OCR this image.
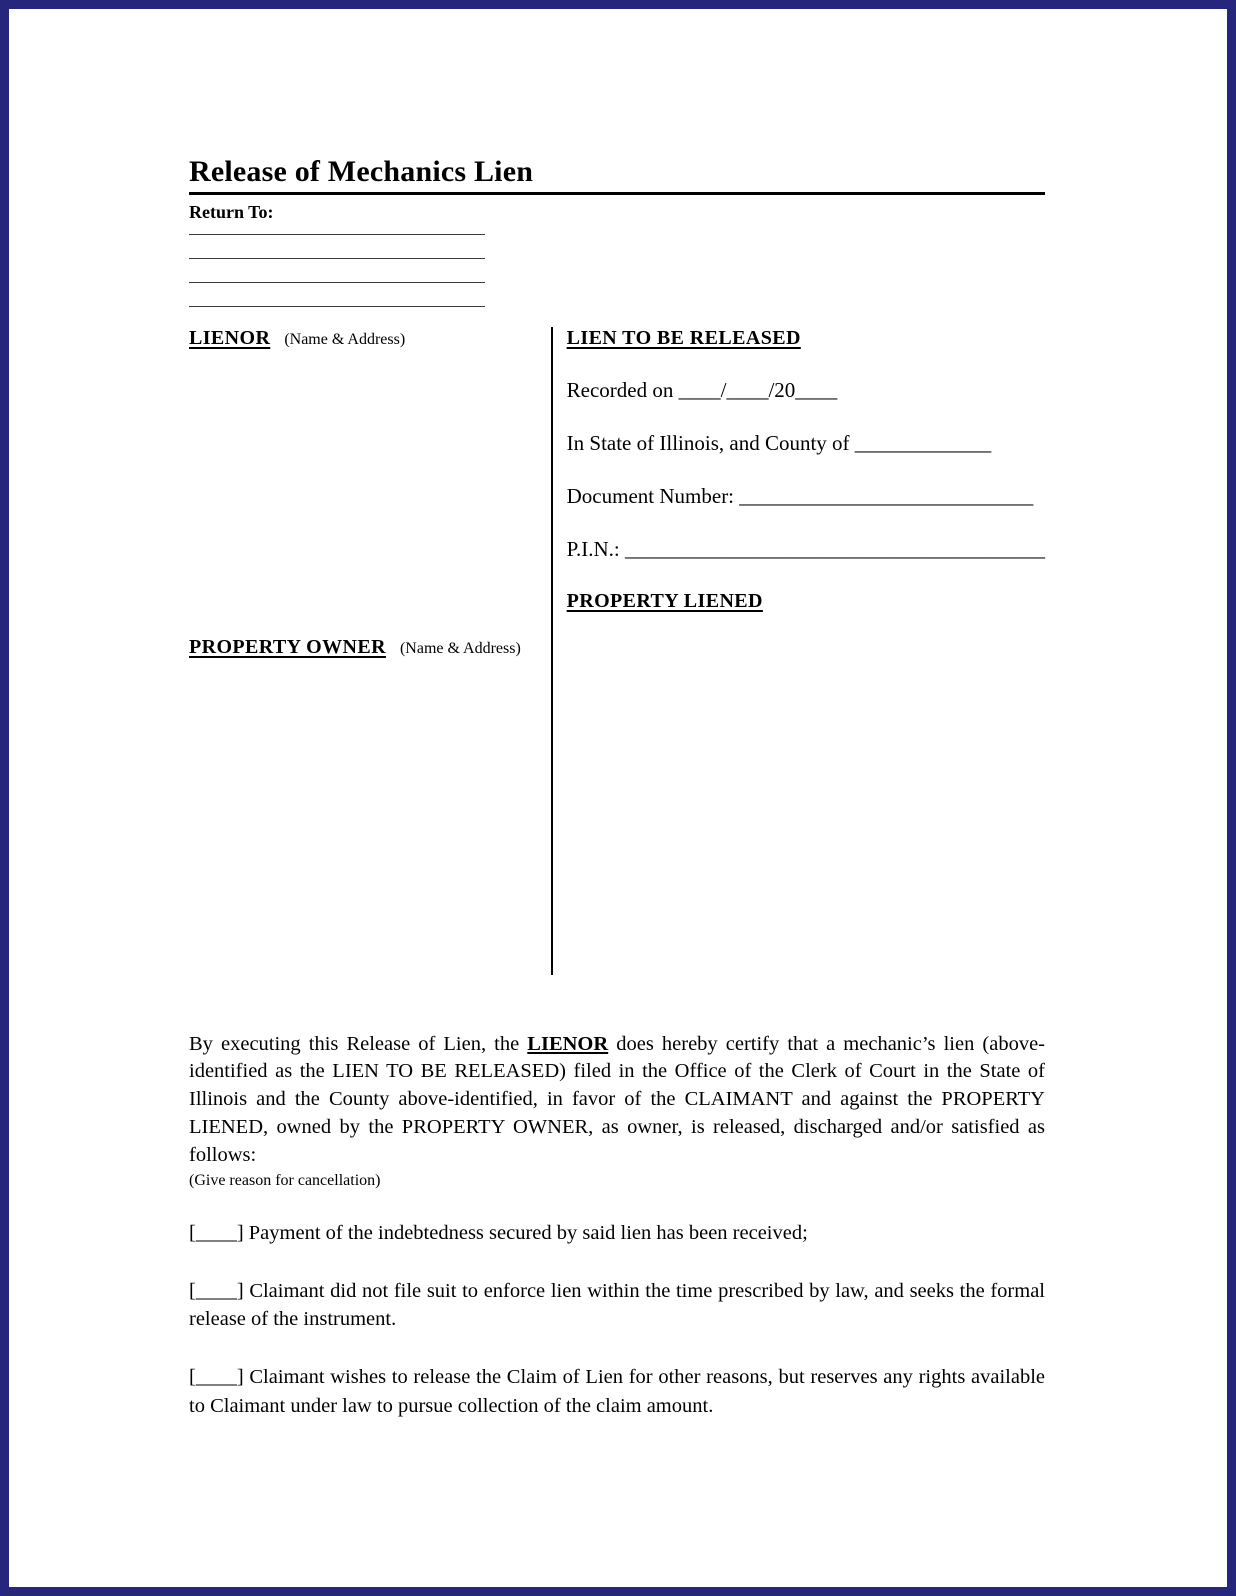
Release of Mechanics Lien
Return To:
LIENOR (Name & Address)
PROPERTY OWNER (Name & Address)
LIEN TO BE RELEASED
Recorded on ____/____/20____
In State of Illinois, and County of _____________
Document Number: ____________________________
P.I.N.: ________________________________________
PROPERTY LIENED

By executing this Release of Lien, the LIENOR does hereby certify that a mechanic’s lien (above-identified as the LIEN TO BE RELEASED) filed in the Office of the Clerk of Court in the State of Illinois and the County above-identified, in favor of the CLAIMANT and against the PROPERTY LIENED, owned by the PROPERTY OWNER, as owner, is released, discharged and/or satisfied as follows:

(Give reason for cancellation)

[____] Payment of the indebtedness secured by said lien has been received;

[____] Claimant did not file suit to enforce lien within the time prescribed by law, and seeks the formal release of the instrument.

[____] Claimant wishes to release the Claim of Lien for other reasons, but reserves any rights available to Claimant under law to pursue collection of the claim amount.
